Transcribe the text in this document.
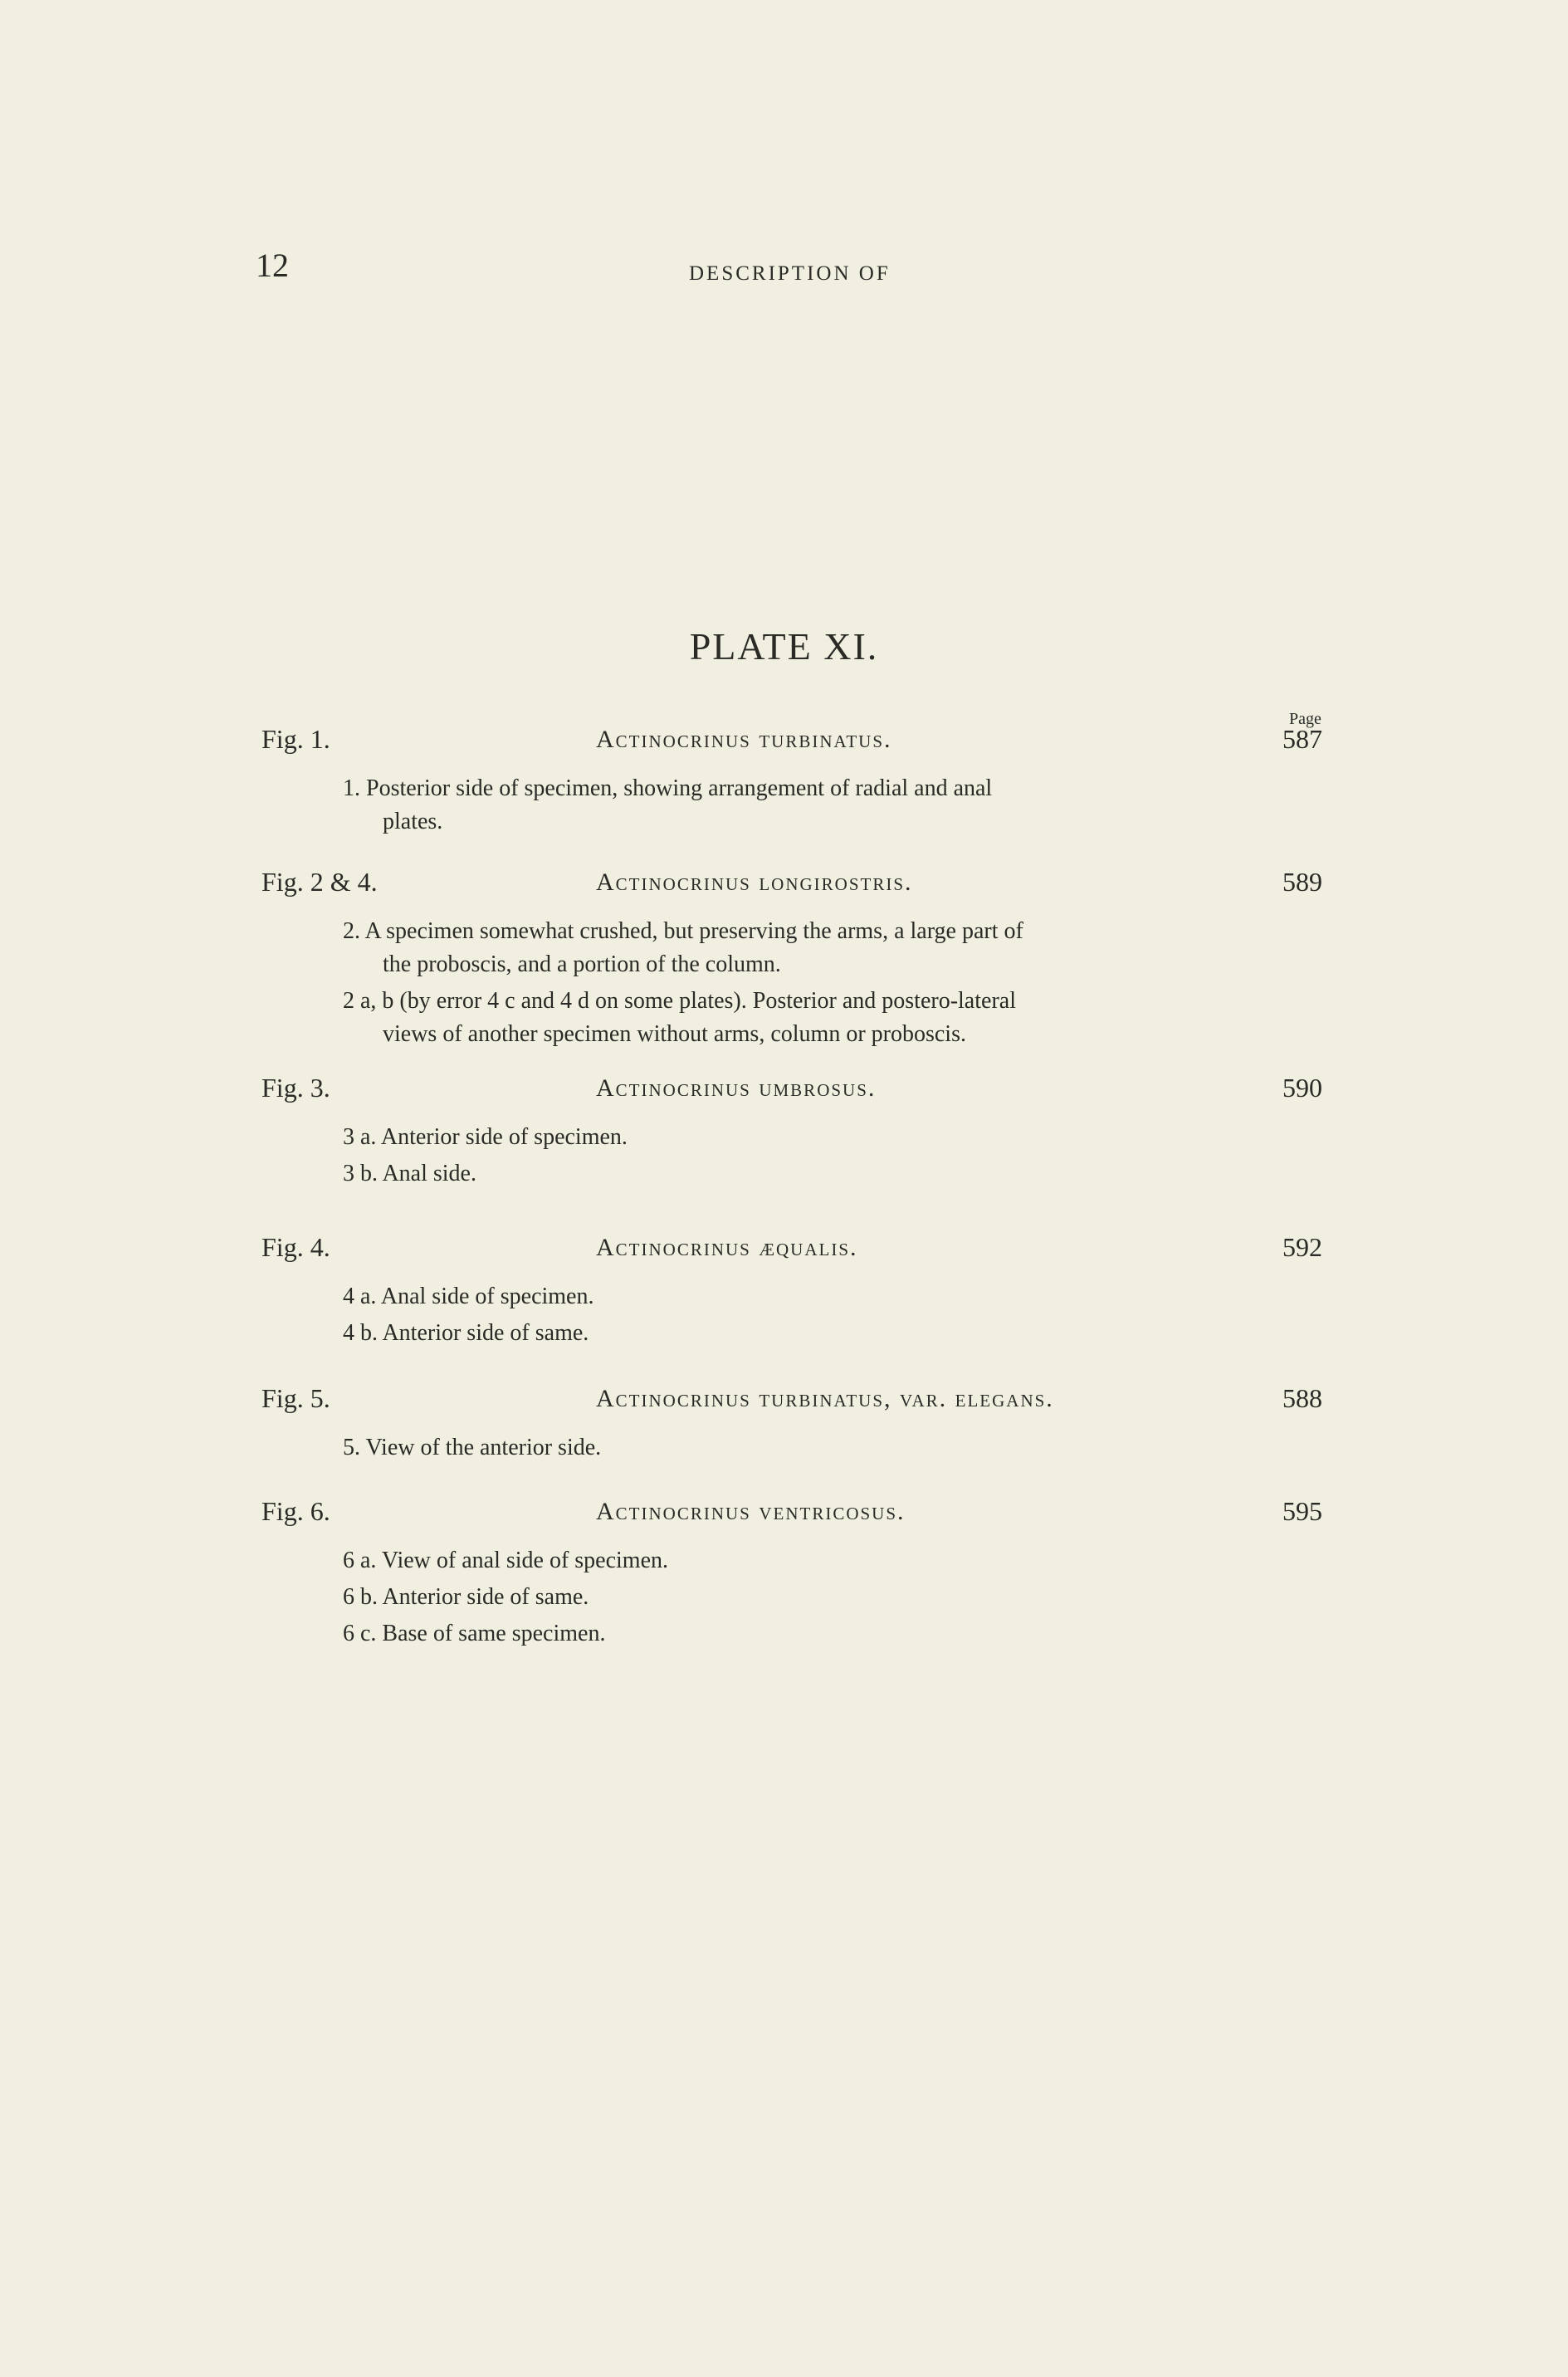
12	DESCRIPTION OF
PLATE XI.
Page
Fig. 1.	Actinocrinus turbinatus.	587
1. Posterior side of specimen, showing arrangement of radial and anal
plates.
Fig. 2 & 4.	Actinocrinus longirostris.	589
2. A specimen somewhat crushed, but preserving the arms, a large part of
the proboscis, and a portion of the column.
2 a, b (by error 4 c and 4 d on some plates). Posterior and postero-lateral
views of another specimen without arms, column or proboscis.
Fig. 3.	Actinocrinus umbrosus.	590
3 a. Anterior side of specimen.
3 b. Anal side.
Fig. 4.	Actinocrinus æqualis.	592
4 a. Anal side of specimen.
4 b. Anterior side of same.
Fig. 5.	Actinocrinus turbinatus, var. elegans.	588
5. View of the anterior side.
Fig. 6.	Actinocrinus ventricosus.	595
6 a. View of anal side of specimen.
6 b. Anterior side of same.
6 c. Base of same specimen.
